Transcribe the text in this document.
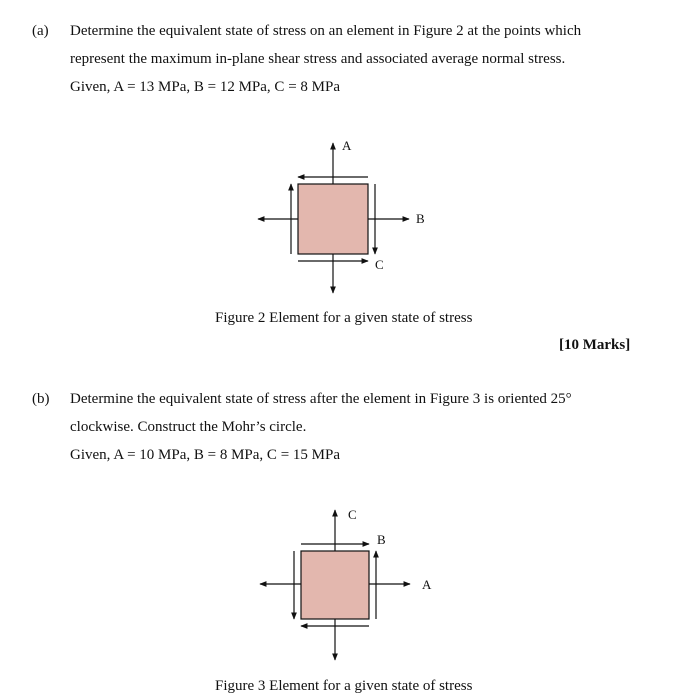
(a) Determine the equivalent state of stress on an element in Figure 2 at the points which
represent the maximum in-plane shear stress and associated average normal stress.
Given, A = 13 MPa, B = 12 MPa, C = 8 MPa
A
B
C
Figure 2 Element for a given state of stress
[10 Marks]
(b) Determine the equivalent state of stress after the element in Figure 3 is oriented 25°
clockwise. Construct the Mohr’s circle.
Given, A = 10 MPa, B = 8 MPa, C = 15 MPa
C
B
A
Figure 3 Element for a given state of stress
